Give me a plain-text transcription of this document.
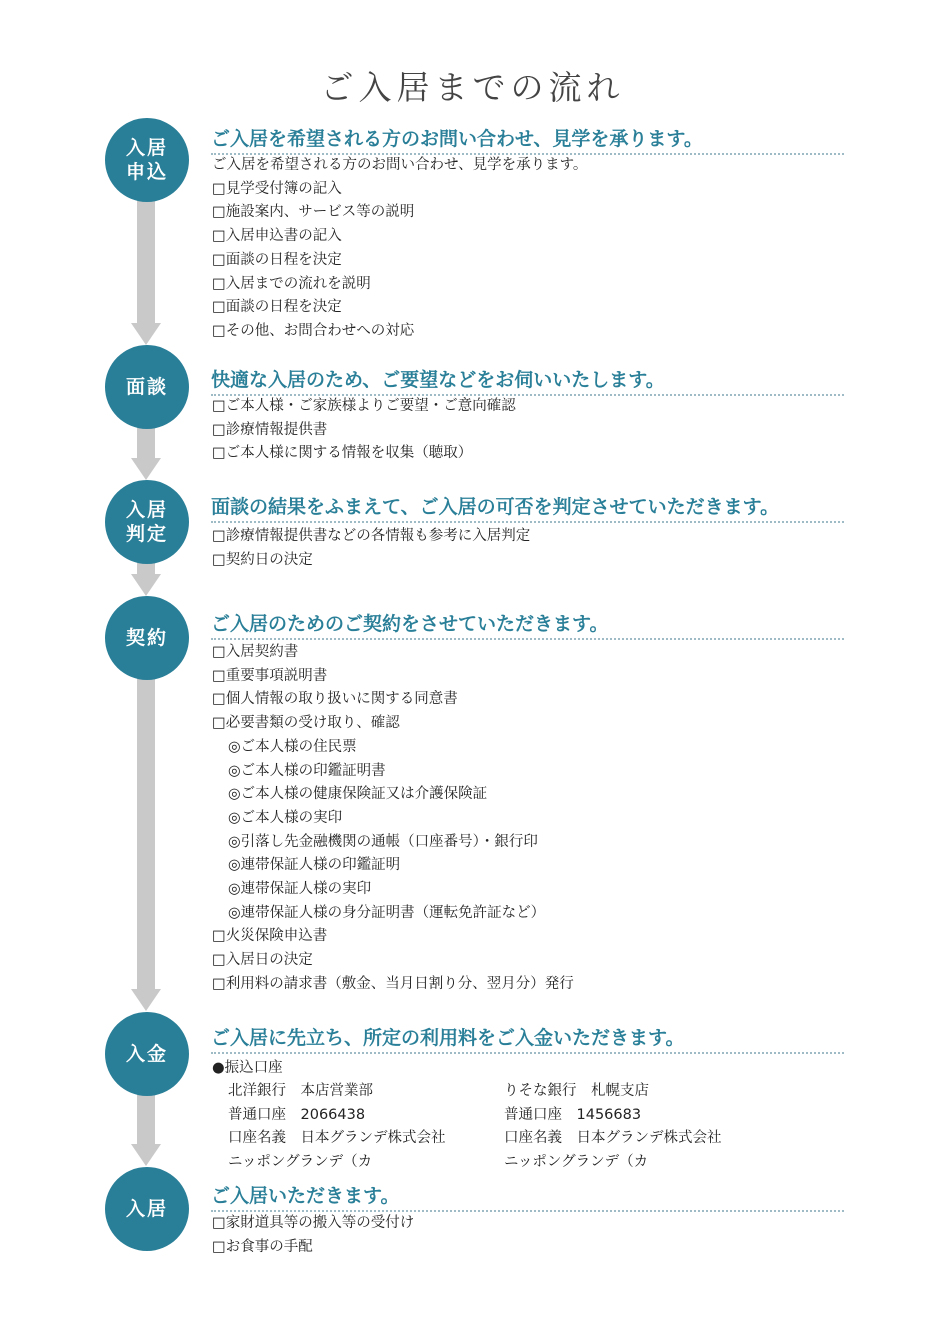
ご入居までの流れ
入居
申込
ご入居を希望される方のお問い合わせ、見学を承ります。
ご入居を希望される方のお問い合わせ、見学を承ります。
□見学受付簿の記入
□施設案内、サービス等の説明
□入居申込書の記入
□面談の日程を決定
□入居までの流れを説明
□面談の日程を決定
□その他、お問合わせへの対応
面談 快適な入居のため、ご要望などをお伺いいたします。
□ご本人様・ご家族様よりご要望・ご意向確認
□診療情報提供書
□ご本人様に関する情報を収集（聴取）
入居
判定
面談の結果をふまえて、ご入居の可否を判定させていただきます。
□診療情報提供書などの各情報も参考に入居判定
□契約日の決定
契約
ご入居のためのご契約をさせていただきます。
□入居契約書
□重要事項説明書
□個人情報の取り扱いに関する同意書
□必要書類の受け取り、確認
◎ご本人様の住民票
◎ご本人様の印鑑証明書
◎ご本人様の健康保険証又は介護保険証
◎ご本人様の実印
◎引落し先金融機関の通帳（口座番号）・銀行印
◎連帯保証人様の印鑑証明
◎連帯保証人様の実印
◎連帯保証人様の身分証明書（運転免許証など）
□火災保険申込書
□入居日の決定
□利用料の請求書（敷金、当月日割り分、翌月分）発行
入金
ご入居に先立ち、所定の利用料をご入金いただきます。
●振込口座
北洋銀行　本店営業部
普通口座　2066438
口座名義　日本グランデ株式会社
ニッポングランデ（カ
りそな銀行　札幌支店
普通口座　1456683
口座名義　日本グランデ株式会社
ニッポングランデ（カ
入居
ご入居いただきます。
□家財道具等の搬入等の受付け
□お食事の手配
